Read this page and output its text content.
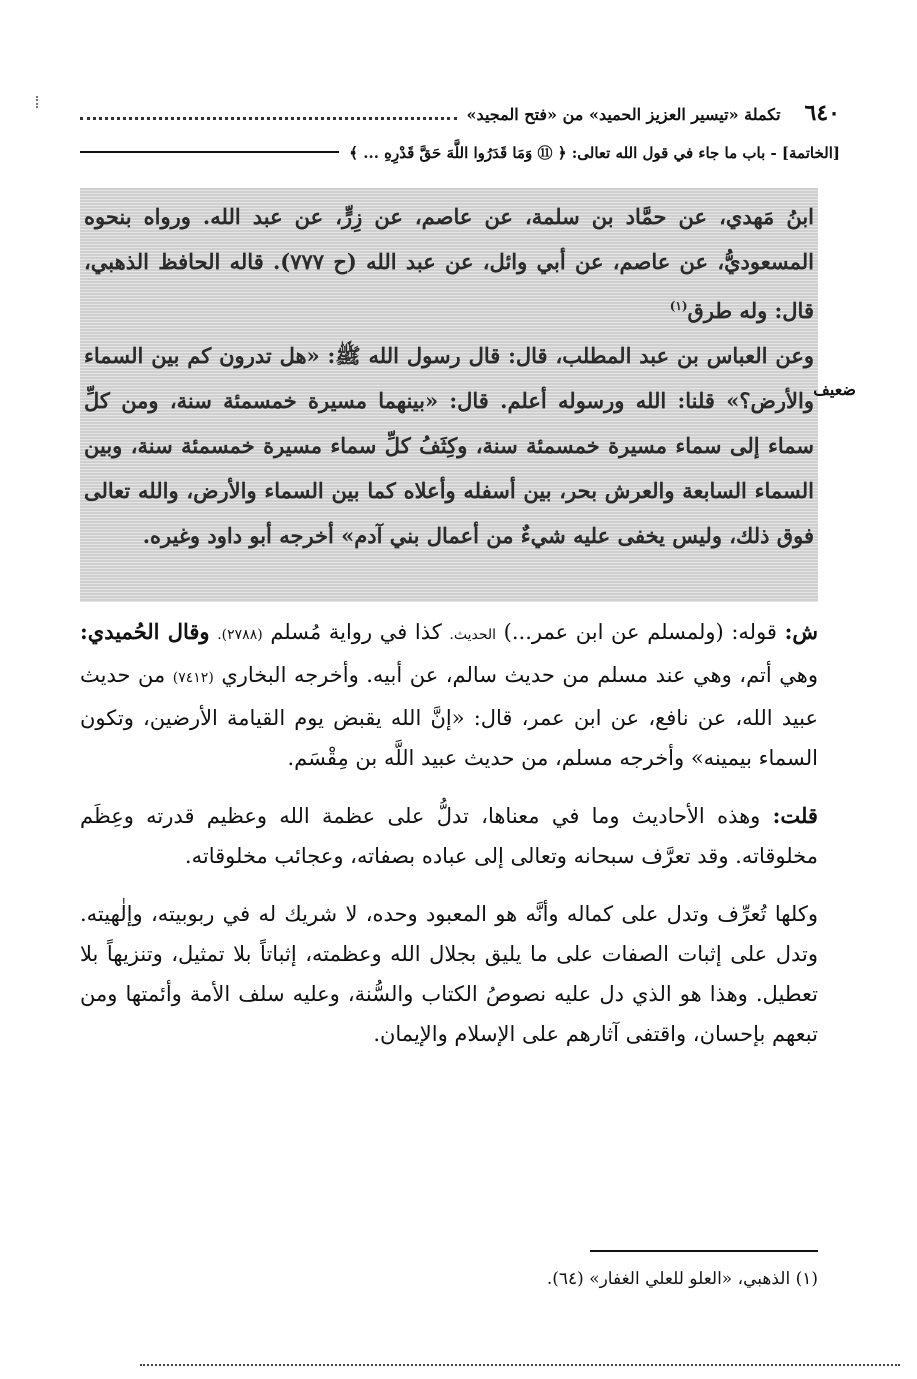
٦٤٠
تكملة «تيسير العزيز الحميد» من «فتح المجيد»
[الخاتمة] - باب ما جاء في قول الله تعالى: ﴿ ⑪ وَمَا قَدَرُوا اللَّهَ حَقَّ قَدْرِهِ ... ﴾

ابنُ مَهدي، عن حمَّاد بن سلمة، عن عاصم، عن زِرٍّ، عن عبد الله. ورواه بنحوه المسعوديُّ، عن عاصم، عن أبي وائل، عن عبد الله (ح ٧٧٧). قاله الحافظ الذهبي، قال: وله طرق$^{(١)}$

وعن العباس بن عبد المطلب، قال: قال رسول الله ﷺ: «هل تدرون كم بين السماء والأرض؟» قلنا: الله ورسوله أعلم. قال: «بينهما مسيرة خمسمئة سنة، ومن كلِّ سماء إلى سماء مسيرة خمسمئة سنة، وكِثَفُ كلِّ سماء مسيرة خمسمئة سنة، وبين السماء السابعة والعرش بحر، بين أسفله وأعلاه كما بين السماء والأرض، والله تعالى فوق ذلك، وليس يخفى عليه شيءٌ من أعمال بني آدم» أخرجه أبو داود وغيره.

ضعيف

ش: قوله: (ولمسلم عن ابن عمر...) الحديث. كذا في رواية مُسلم (٢٧٨٨). وقال الحُميدي: وهي أتم، وهي عند مسلم من حديث سالم، عن أبيه. وأخرجه البخاري (٧٤١٢) من حديث عبيد الله، عن نافع، عن ابن عمر، قال: «إنَّ الله يقبض يوم القيامة الأرضين، وتكون السماء بيمينه» وأخرجه مسلم، من حديث عبيد اللَّه بن مِقْسَم.

قلت: وهذه الأحاديث وما في معناها، تدلُّ على عظمة الله وعظيم قدرته وعِظَم مخلوقاته. وقد تعرَّف سبحانه وتعالى إلى عباده بصفاته، وعجائب مخلوقاته.

وكلها تُعرِّف وتدل على كماله وأنَّه هو المعبود وحده، لا شريك له في ربوبيته، وإلٰهيته. وتدل على إثبات الصفات على ما يليق بجلال الله وعظمته، إثباتاً بلا تمثيل، وتنزيهاً بلا تعطيل. وهذا هو الذي دل عليه نصوصُ الكتاب والسُّنة، وعليه سلف الأمة وأئمتها ومن تبعهم بإحسان، واقتفى آثارهم على الإسلام والإيمان.

(١) الذهبي، «العلو للعلي الغفار» (٦٤).
